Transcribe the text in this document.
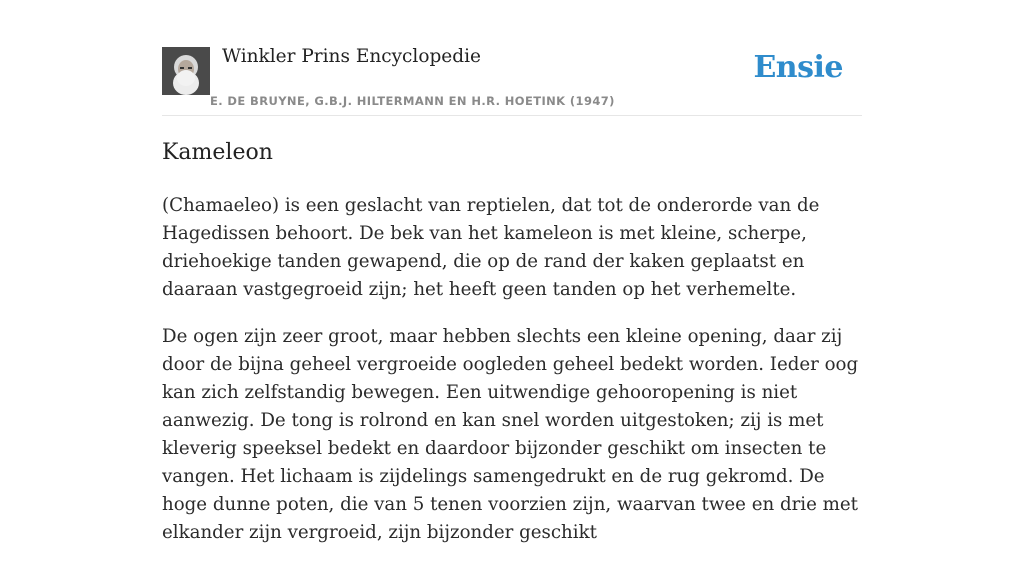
Winkler Prins Encyclopedie
E. DE BRUYNE, G.B.J. HILTERMANN EN H.R. HOETINK (1947)
Ensie
Kameleon

(Chamaeleo) is een geslacht van reptielen, dat tot de onderorde van de Hagedissen behoort. De bek van het kameleon is met kleine, scherpe, driehoekige tanden gewapend, die op de rand der kaken geplaatst en daaraan vastgegroeid zijn; het heeft geen tanden op het verhemelte.

De ogen zijn zeer groot, maar hebben slechts een kleine opening, daar zij door de bijna geheel vergroeide oogleden geheel bedekt worden. Ieder oog kan zich zelfstandig bewegen. Een uitwendige gehooropening is niet aanwezig. De tong is rolrond en kan snel worden uitgestoken; zij is met kleverig speeksel bedekt en daardoor bijzonder geschikt om insecten te vangen. Het lichaam is zijdelings samengedrukt en de rug gekromd. De hoge dunne poten, die van 5 tenen voorzien zijn, waarvan twee en drie met elkander zijn vergroeid, zijn bijzonder geschikt
